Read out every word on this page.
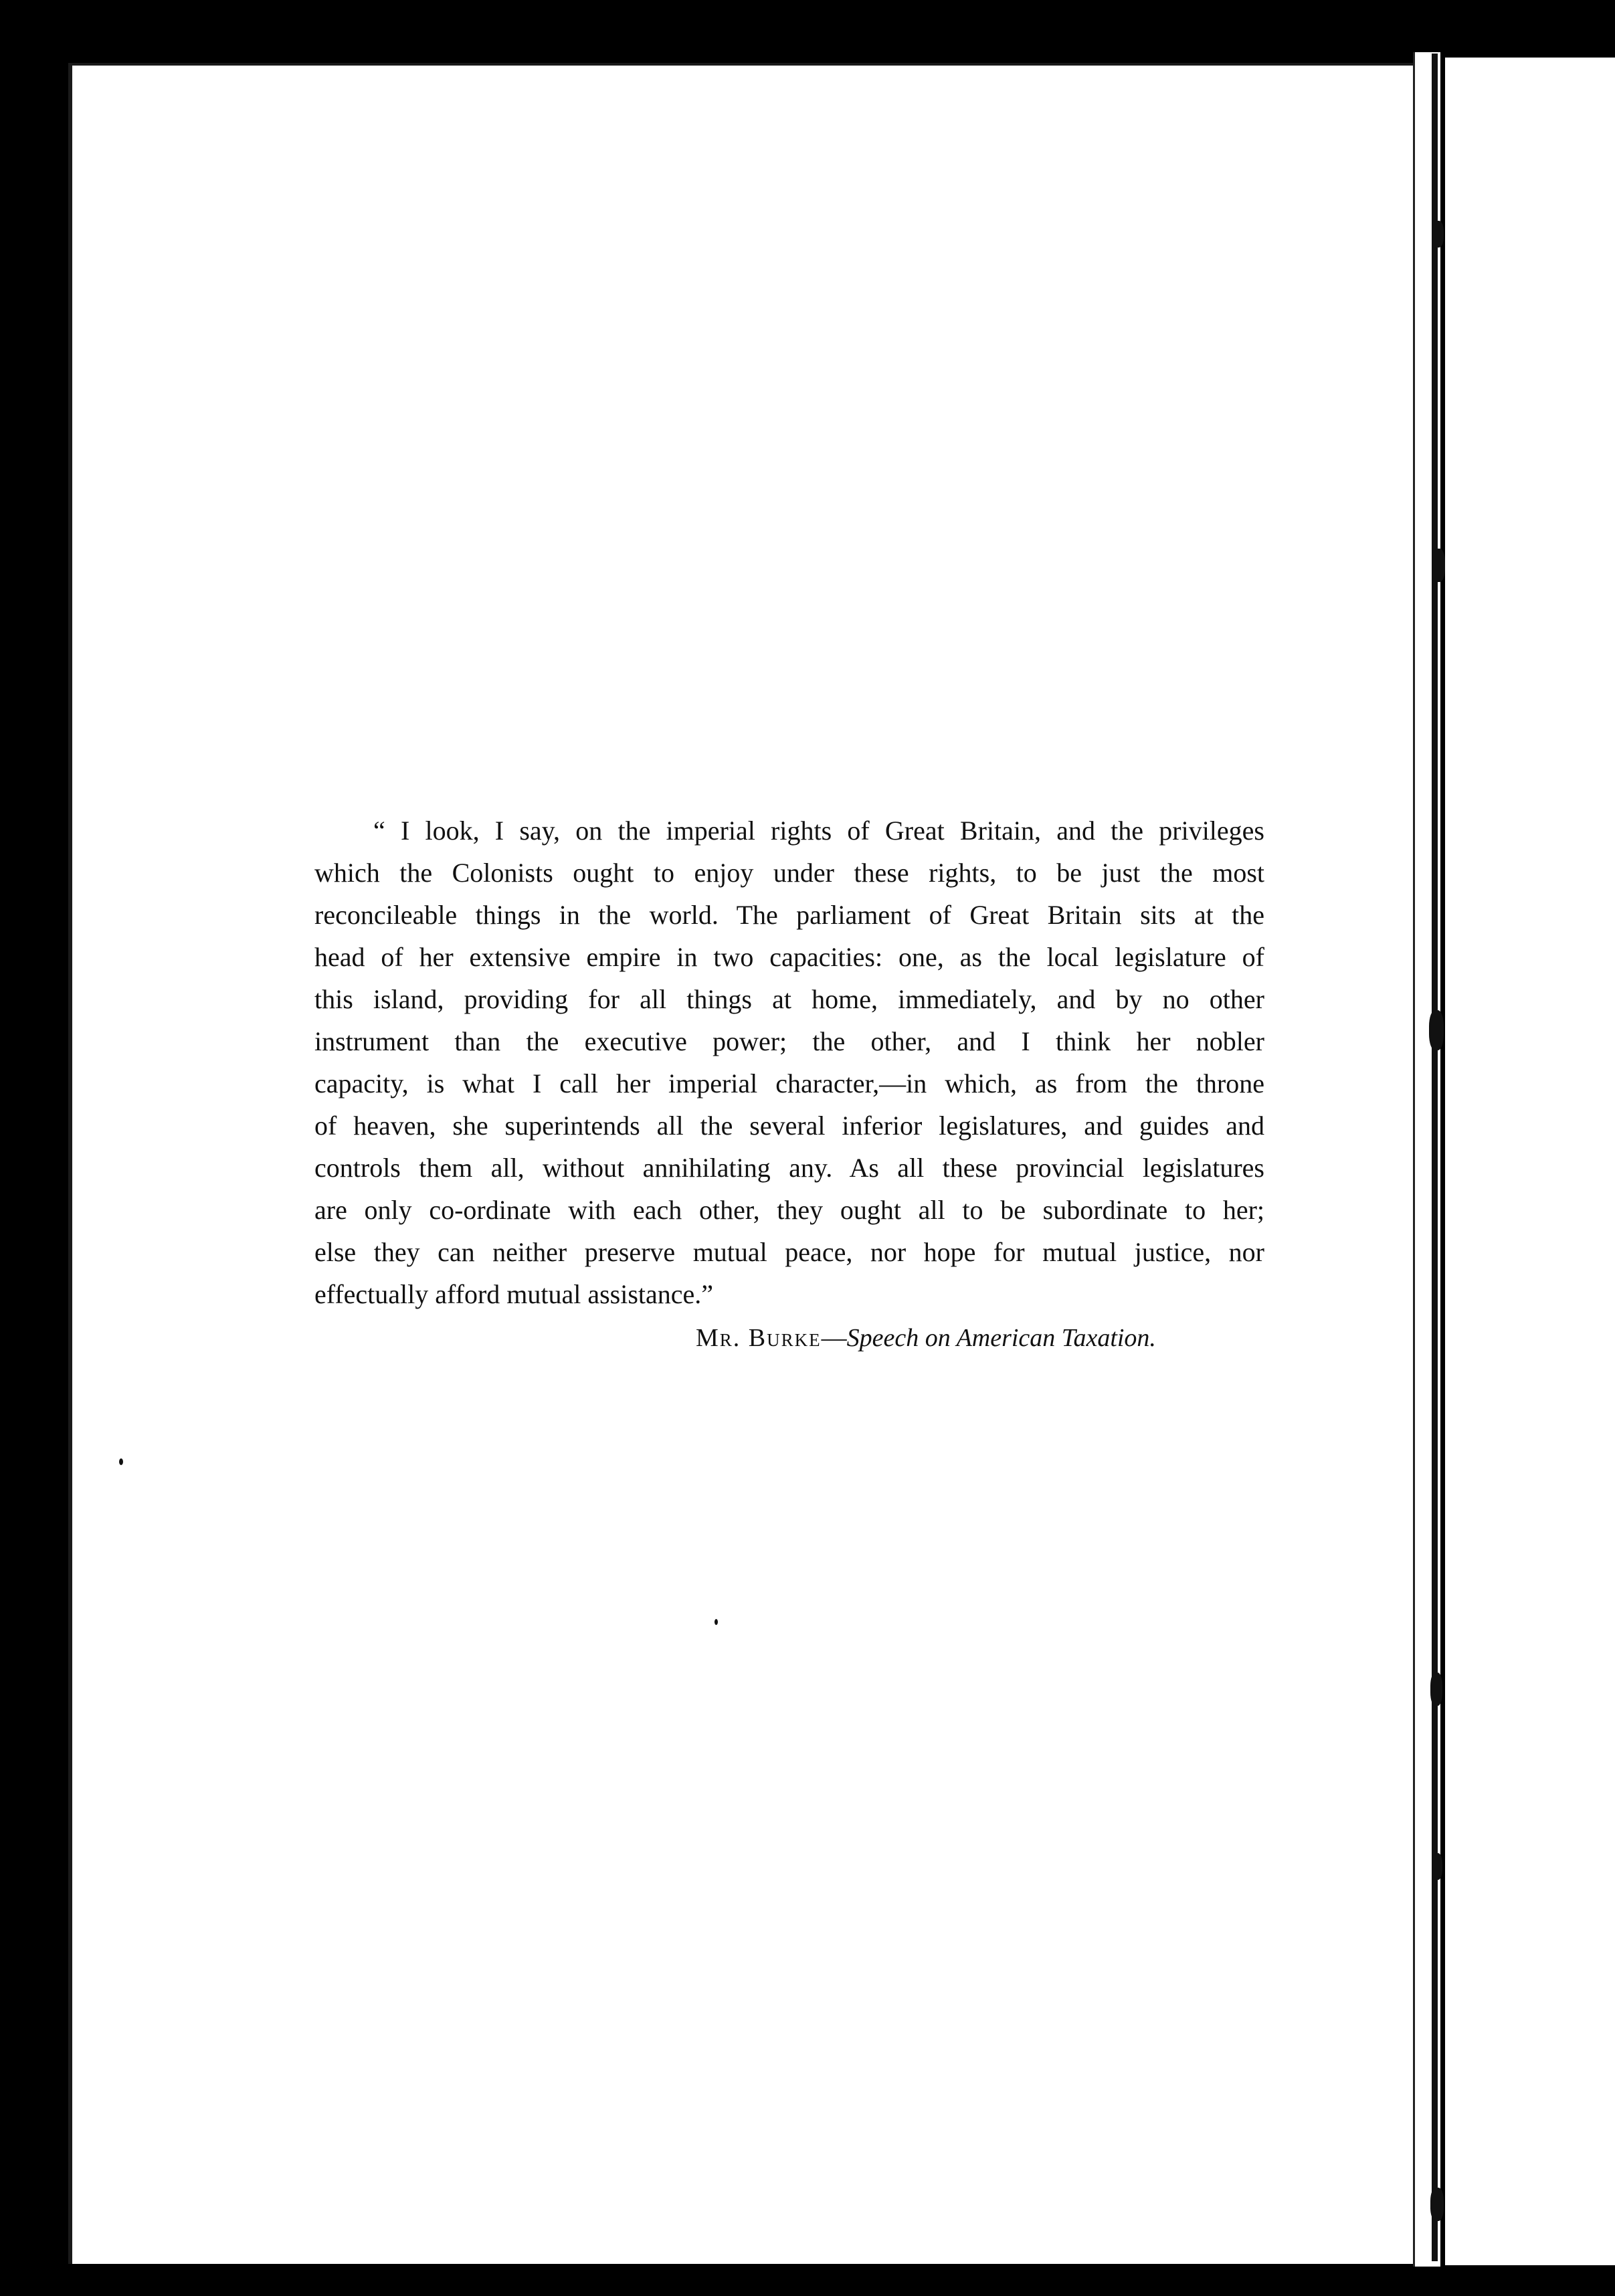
“ I look, I say, on the imperial rights of Great Britain, and the privileges
which the Colonists ought to enjoy under these rights, to be just the most
reconcileable things in the world. The parliament of Great Britain sits at the
head of her extensive empire in two capacities: one, as the local legislature of
this island, providing for all things at home, immediately, and by no other
instrument than the executive power; the other, and I think her nobler
capacity, is what I call her imperial character,—in which, as from the throne
of heaven, she superintends all the several inferior legislatures, and guides and
controls them all, without annihilating any. As all these provincial legislatures
are only co-ordinate with each other, they ought all to be subordinate to her;
else they can neither preserve mutual peace, nor hope for mutual justice, nor
effectually afford mutual assistance.”
Mr. Burke—Speech on American Taxation.
